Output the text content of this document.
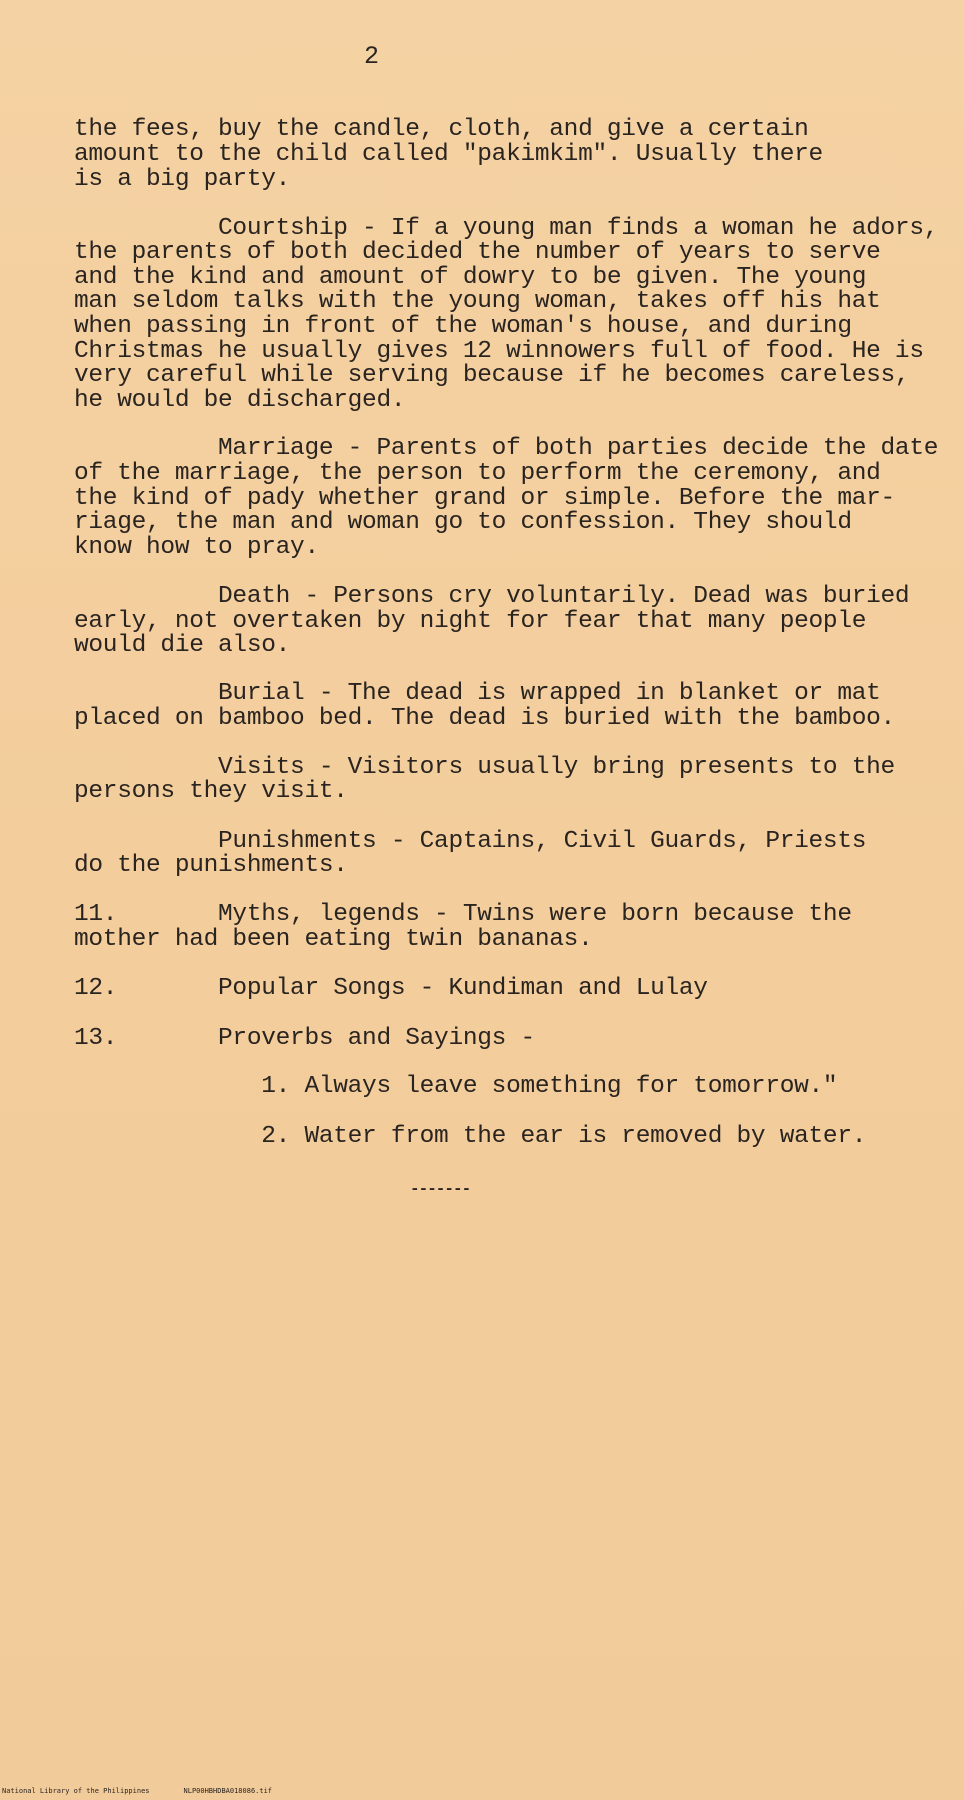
2
the fees, buy the candle, cloth, and give a certain
amount to the child called "pakimkim". Usually there
is a big party.
Courtship - If a young man finds a woman he adors,
the parents of both decided the number of years to serve
and the kind and amount of dowry to be given. The young
man seldom talks with the young woman, takes off his hat
when passing in front of the woman's house, and during
Christmas he usually gives 12 winnowers full of food. He is
very careful while serving because if he becomes careless,
he would be discharged.
Marriage - Parents of both parties decide the date
of the marriage, the person to perform the ceremony, and
the kind of pady whether grand or simple. Before the mar-
riage, the man and woman go to confession. They should
know how to pray.
Death - Persons cry voluntarily. Dead was buried
early, not overtaken by night for fear that many people
would die also.
Burial - The dead is wrapped in blanket or mat
placed on bamboo bed. The dead is buried with the bamboo.
Visits - Visitors usually bring presents to the
persons they visit.
Punishments - Captains, Civil Guards, Priests
do the punishments.
11.       Myths, legends - Twins were born because the
mother had been eating twin bananas.
12.       Popular Songs - Kundiman and Lulay
13.       Proverbs and Sayings -
1. Always leave something for tomorrow."
2. Water from the ear is removed by water.
-------
National Library of the Philippines	NLP00HBHDBA018086.tif
